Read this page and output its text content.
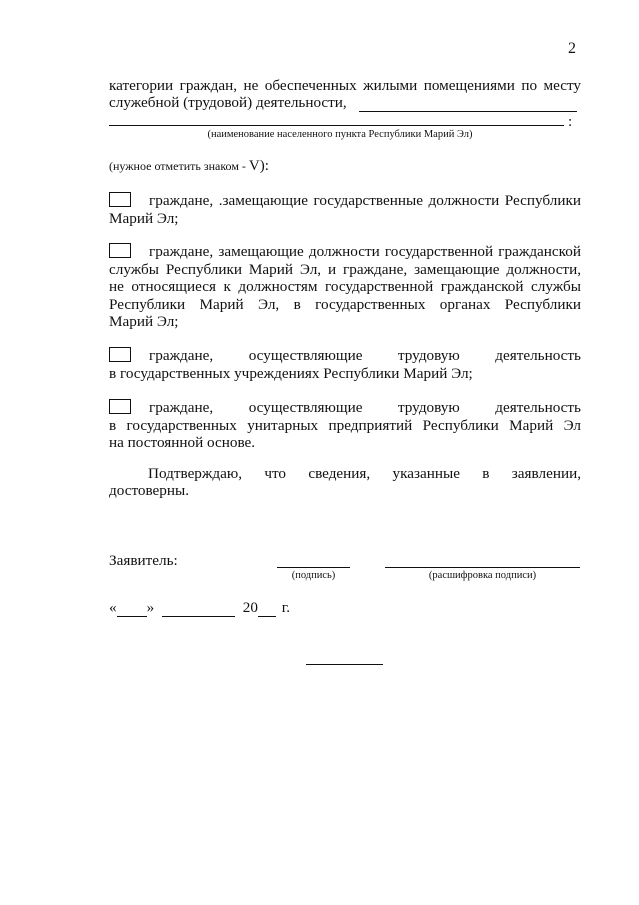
2
категории граждан, не обеспеченных жилыми помещениями по месту
служебной (трудовой) деятельности,
:
(наименование населенного пункта Республики Марий Эл)
(нужное отметить знаком - V):
граждане, .замещающие государственные должности Республики
Марий Эл;
граждане, замещающие должности государственной гражданской
службы Республики Марий Эл, и граждане, замещающие должности,
не относящиеся к должностям государственной гражданской службы
Республики Марий Эл, в государственных органах Республики
Марий Эл;
граждане, осуществляющие трудовую деятельность
в государственных учреждениях Республики Марий Эл;
граждане, осуществляющие трудовую деятельность
в государственных унитарных предприятий Республики Марий Эл
на постоянной основе.
Подтверждаю, что сведения, указанные в заявлении,
достоверны.
Заявитель:
(подпись)	(расшифровка подписи)
« »	20 г.
